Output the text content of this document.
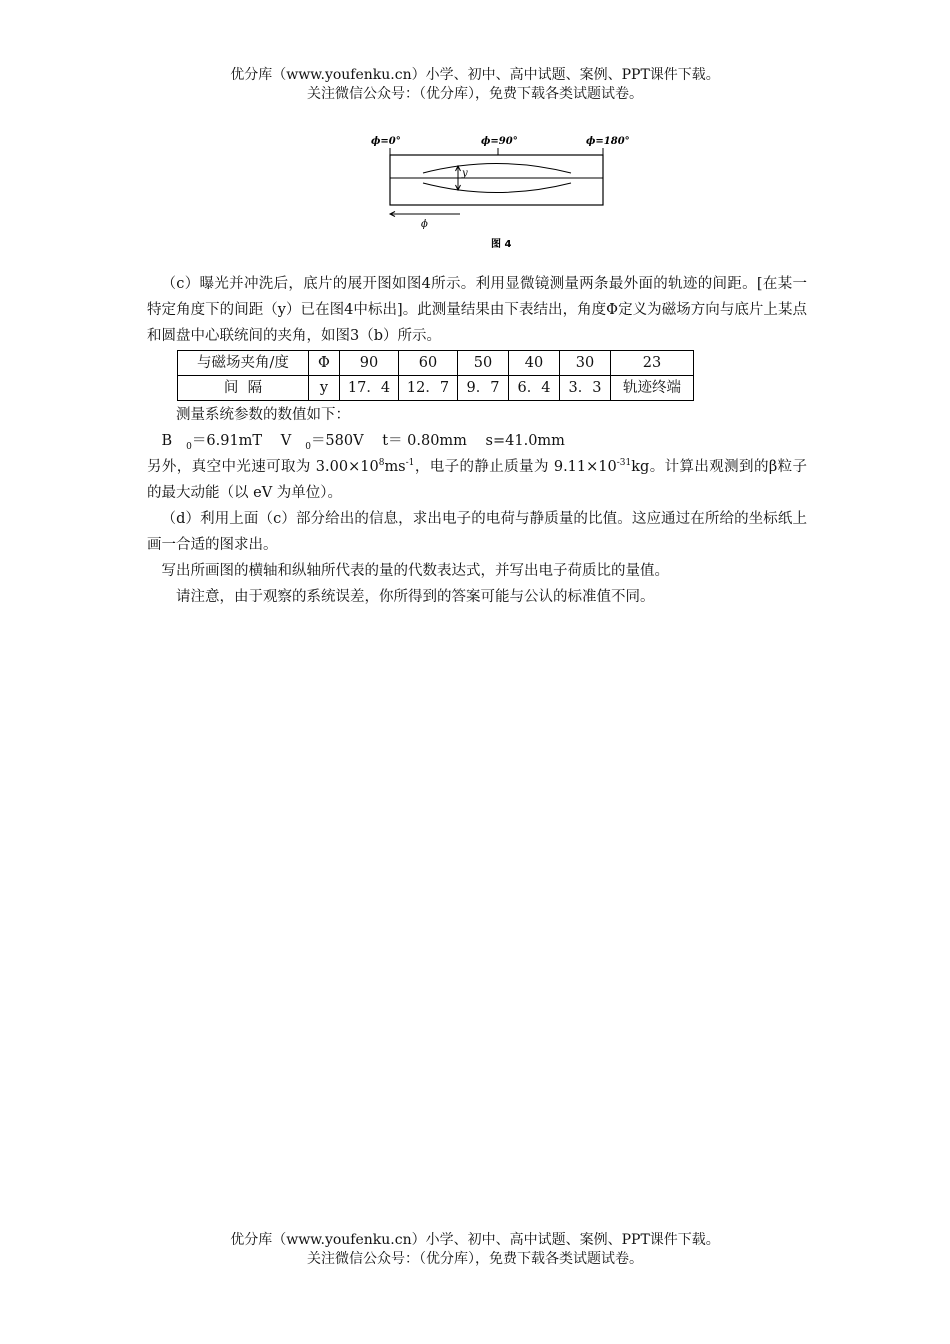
优分库（www.youfenku.cn）小学、初中、高中试题、案例、PPT课件下载。
关注微信公众号：（优分库），免费下载各类试题试卷。
ϕ=0°	ϕ=90°	ϕ=180°
y
ϕ
图 4

（c）曝光并冲洗后，底片的展开图如图4所示。利用显微镜测量两条最外面的轨迹的间距。[在某一特定角度下的间距（y）已在图4中标出]。此测量结果由下表结出，角度Φ定义为磁场方向与底片上某点和圆盘中心联统间的夹角，如图3（b）所示。

与磁场夹角/度	Φ	90	60	50	40	30	23
间  隔	y	17．4	12．7	9．7	6．4	3．3	轨迹终端

测量系统参数的数值如下：

B $_0$＝6.91mT V $_0$＝580V t＝ 0.80mm s=41.0mm

另外，真空中光速可取为 $3.00\times 10^8ms^{-1}$，电子的静止质量为 $9.11\times 10^{-31}kg$。计算出观测到的β粒子的最大动能（以 eV 为单位）。

（d）利用上面（c）部分给出的信息，求出电子的电荷与静质量的比值。这应通过在所给的坐标纸上画一合适的图求出。

写出所画图的横轴和纵轴所代表的量的代数表达式，并写出电子荷质比的量值。

请注意，由于观察的系统误差，你所得到的答案可能与公认的标准值不同。

优分库（www.youfenku.cn）小学、初中、高中试题、案例、PPT课件下载。
关注微信公众号：（优分库），免费下载各类试题试卷。
